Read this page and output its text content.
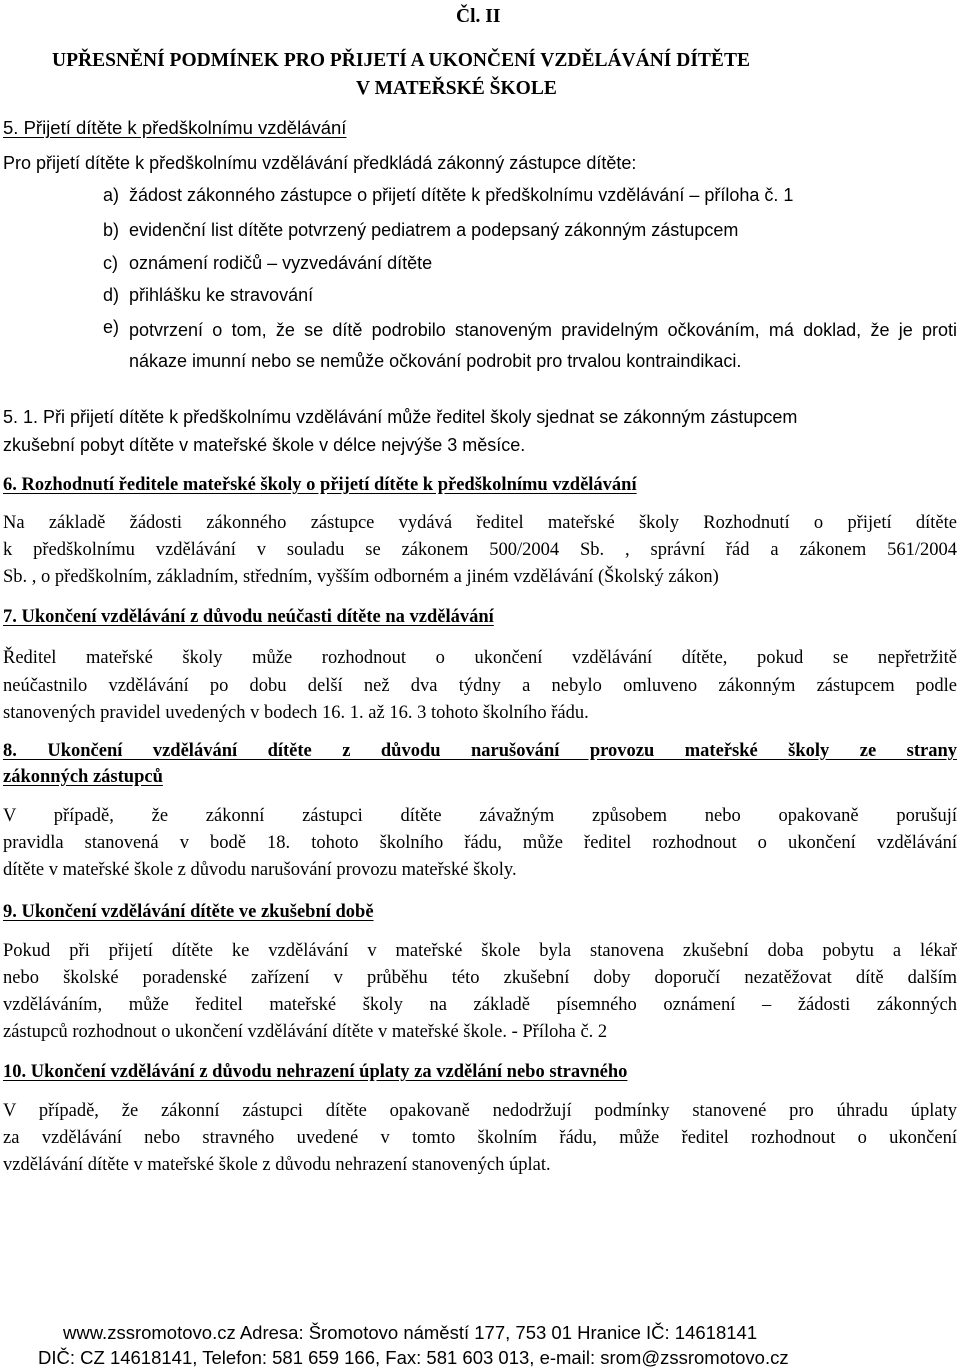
Čl. II
UPŘESNĚNÍ PODMÍNEK PRO PŘIJETÍ A UKONČENÍ VZDĚLÁVÁNÍ DÍTĚTE
V MATEŘSKÉ ŠKOLE
5. Přijetí dítěte k předškolnímu vzdělávání
Pro přijetí dítěte k předškolnímu vzdělávání předkládá zákonný zástupce dítěte:
a) žádost zákonného zástupce o přijetí dítěte k předškolnímu vzdělávání – příloha č. 1
b) evidenční list dítěte potvrzený pediatrem a podepsaný zákonným zástupcem
c) oznámení rodičů – vyzvedávání dítěte
d) přihlášku ke stravování
e) potvrzení o tom, že se dítě podrobilo stanoveným pravidelným očkováním, má doklad, že je proti nákaze imunní nebo se nemůže očkování podrobit pro trvalou kontraindikaci.
5. 1. Při přijetí dítěte k předškolnímu vzdělávání může ředitel školy sjednat se zákonným zástupcem
zkušební pobyt dítěte v mateřské škole v délce nejvýše 3 měsíce.
6. Rozhodnutí ředitele mateřské školy o přijetí dítěte k předškolnímu vzdělávání
Na základě žádosti zákonného zástupce vydává ředitel mateřské školy Rozhodnutí o přijetí dítěte
k předškolnímu vzdělávání v souladu se zákonem 500/2004 Sb. , správní řád a zákonem 561/2004
Sb. , o předškolním, základním, středním, vyšším odborném a jiném vzdělávání (Školský zákon)
7. Ukončení vzdělávání z důvodu neúčasti dítěte na vzdělávání
Ředitel mateřské školy může rozhodnout o ukončení vzdělávání dítěte, pokud se nepřetržitě
neúčastnilo vzdělávání po dobu delší než dva týdny a nebylo omluveno zákonným zástupcem podle
stanovených pravidel uvedených v bodech 16. 1. až 16. 3 tohoto školního řádu.
8. Ukončení vzdělávání dítěte z důvodu narušování provozu mateřské školy ze strany
zákonných zástupců
V případě, že zákonní zástupci dítěte závažným způsobem nebo opakovaně porušují
pravidla stanovená v bodě 18. tohoto školního řádu, může ředitel rozhodnout o ukončení vzdělávání
dítěte v mateřské škole z důvodu narušování provozu mateřské školy.
9. Ukončení vzdělávání dítěte ve zkušební době
Pokud při přijetí dítěte ke vzdělávání v mateřské škole byla stanovena zkušební doba pobytu a lékař
nebo školské poradenské zařízení v průběhu této zkušební doby doporučí nezatěžovat dítě dalším
vzděláváním, může ředitel mateřské školy na základě písemného oznámení – žádosti zákonných
zástupců rozhodnout o ukončení vzdělávání dítěte v mateřské škole. - Příloha č. 2
10. Ukončení vzdělávání z důvodu nehrazení úplaty za vzdělání nebo stravného
V případě, že zákonní zástupci dítěte opakovaně nedodržují podmínky stanovené pro úhradu úplaty
za vzdělávání nebo stravného uvedené v tomto školním řádu, může ředitel rozhodnout o ukončení
vzdělávání dítěte v mateřské škole z důvodu nehrazení stanovených úplat.
www.zssromotovo.cz Adresa: Šromotovo náměstí 177, 753 01 Hranice IČ: 14618141
DIČ: CZ 14618141, Telefon: 581 659 166, Fax: 581 603 013, e-mail: srom@zssromotovo.cz
